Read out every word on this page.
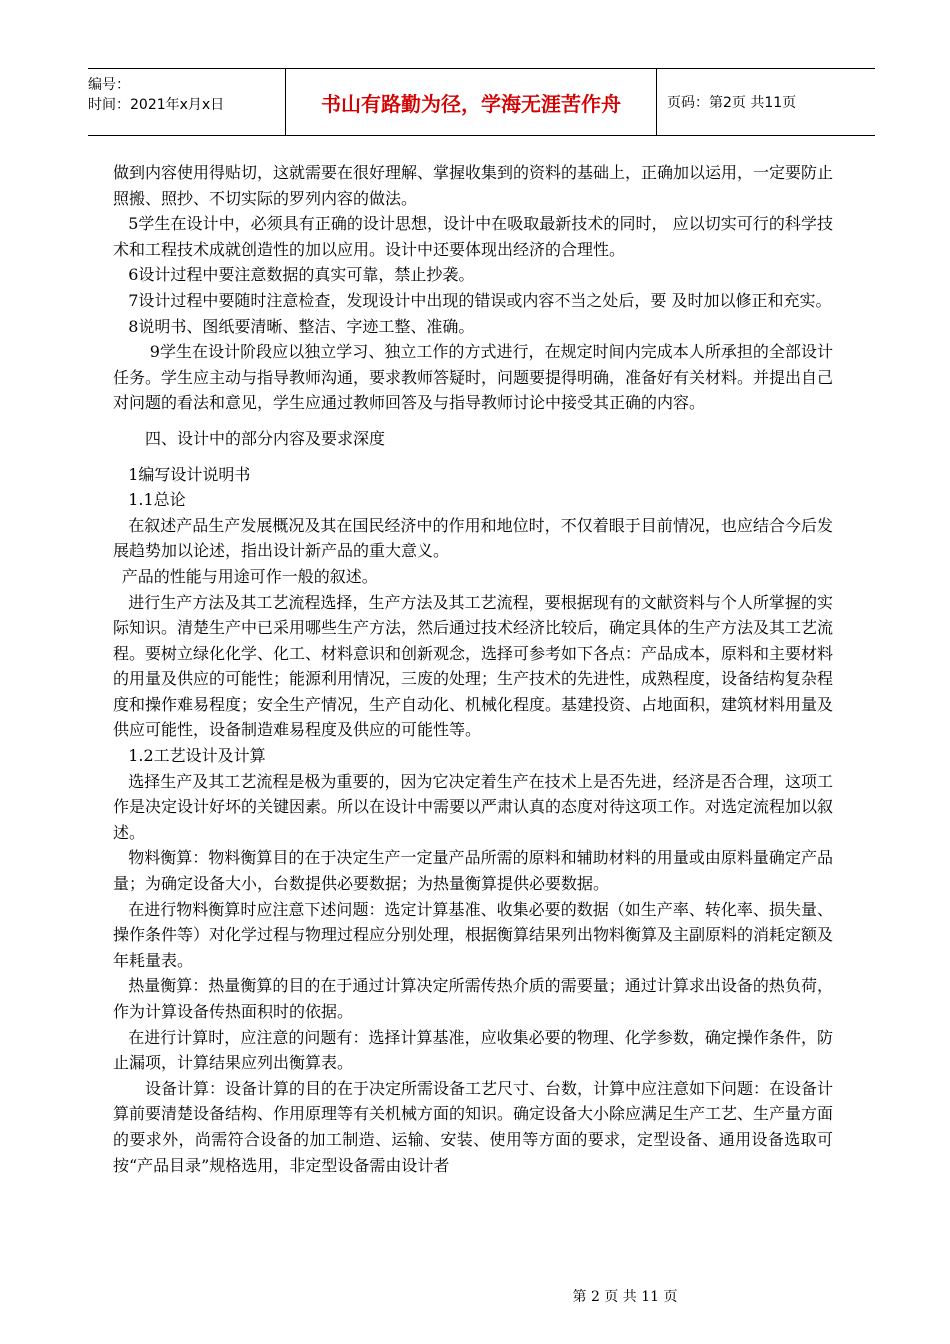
编号：
时间：2021年x月x日	书山有路勤为径，学海无涯苦作舟	页码：第2页 共11页

做到内容使用得贴切，这就需要在很好理解、掌握收集到的资料的基础上，正确加以运用，一定要防止照搬、照抄、不切实际的罗列内容的做法。

5学生在设计中，必须具有正确的设计思想，设计中在吸取最新技术的同时， 应以切实可行的科学技术和工程技术成就创造性的加以应用。设计中还要体现出经济的合理性。

6设计过程中要注意数据的真实可靠，禁止抄袭。

7设计过程中要随时注意检查，发现设计中出现的错误或内容不当之处后，要 及时加以修正和充实。

8说明书、图纸要清晰、整洁、字迹工整、准确。

9学生在设计阶段应以独立学习、独立工作的方式进行，在规定时间内完成本人所承担的全部设计任务。学生应主动与指导教师沟通，要求教师答疑时，问题要提得明确，准备好有关材料。并提出自己对问题的看法和意见，学生应通过教师回答及与指导教师讨论中接受其正确的内容。

四、设计中的部分内容及要求深度

1编写设计说明书

1.1总论

在叙述产品生产发展概况及其在国民经济中的作用和地位时，不仅着眼于目前情况，也应结合今后发展趋势加以论述，指出设计新产品的重大意义。

产品的性能与用途可作一般的叙述。

进行生产方法及其工艺流程选择，生产方法及其工艺流程，要根据现有的文献资料与个人所掌握的实际知识。清楚生产中已采用哪些生产方法，然后通过技术经济比较后，确定具体的生产方法及其工艺流程。要树立绿化化学、化工、材料意识和创新观念，选择可参考如下各点：产品成本，原料和主要材料的用量及供应的可能性；能源利用情况，三废的处理；生产技术的先进性，成熟程度，设备结构复杂程度和操作难易程度；安全生产情况，生产自动化、机械化程度。基建投资、占地面积，建筑材料用量及供应可能性，设备制造难易程度及供应的可能性等。

1.2工艺设计及计算

选择生产及其工艺流程是极为重要的，因为它决定着生产在技术上是否先进，经济是否合理，这项工作是决定设计好坏的关键因素。所以在设计中需要以严肃认真的态度对待这项工作。对选定流程加以叙述。

物料衡算：物料衡算目的在于决定生产一定量产品所需的原料和辅助材料的用量或由原料量确定产品量；为确定设备大小，台数提供必要数据；为热量衡算提供必要数据。

在进行物料衡算时应注意下述问题：选定计算基准、收集必要的数据（如生产率、转化率、损失量、操作条件等）对化学过程与物理过程应分别处理，根据衡算结果列出物料衡算及主副原料的消耗定额及年耗量表。

热量衡算：热量衡算的目的在于通过计算决定所需传热介质的需要量；通过计算求出设备的热负荷，作为计算设备传热面积时的依据。

在进行计算时，应注意的问题有：选择计算基准，应收集必要的物理、化学参数，确定操作条件，防止漏项，计算结果应列出衡算表。

设备计算：设备计算的目的在于决定所需设备工艺尺寸、台数，计算中应注意如下问题：在设备计算前要清楚设备结构、作用原理等有关机械方面的知识。确定设备大小除应满足生产工艺、生产量方面的要求外，尚需符合设备的加工制造、运输、安装、使用等方面的要求，定型设备、通用设备选取可按“产品目录”规格选用，非定型设备需由设计者

第 2 页 共 11 页
